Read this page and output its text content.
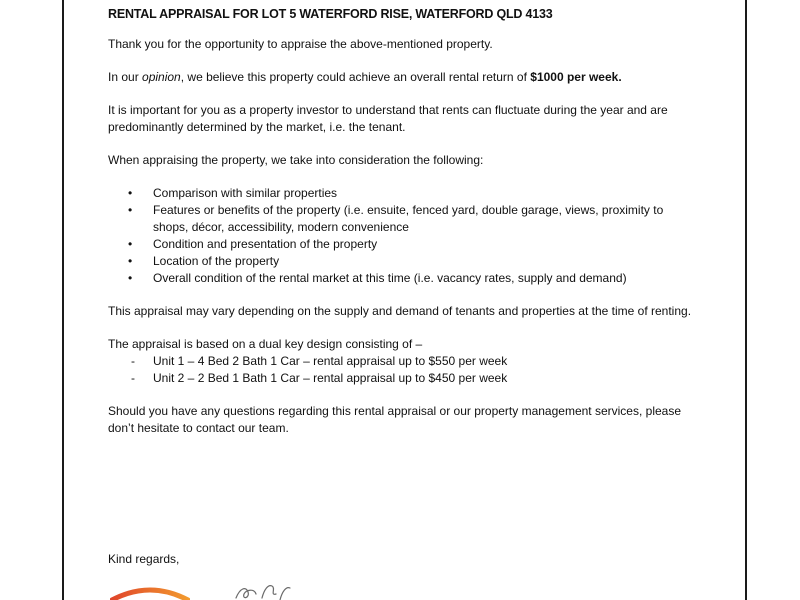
RENTAL APPRAISAL FOR LOT 5 WATERFORD RISE, WATERFORD QLD 4133

Thank you for the opportunity to appraise the above-mentioned property.

In our opinion, we believe this property could achieve an overall rental return of $1000 per week.

It is important for you as a property investor to understand that rents can fluctuate during the year and are predominantly determined by the market, i.e. the tenant.

When appraising the property, we take into consideration the following:

• Comparison with similar properties
• Features or benefits of the property (i.e. ensuite, fenced yard, double garage, views, proximity to shops, décor, accessibility, modern convenience
• Condition and presentation of the property
• Location of the property
• Overall condition of the rental market at this time (i.e. vacancy rates, supply and demand)

This appraisal may vary depending on the supply and demand of tenants and properties at the time of renting.

The appraisal is based on a dual key design consisting of –
- Unit 1 – 4 Bed 2 Bath 1 Car – rental appraisal up to $550 per week
- Unit 2 – 2 Bed 1 Bath 1 Car – rental appraisal up to $450 per week

Should you have any questions regarding this rental appraisal or our property management services, please don’t hesitate to contact our team.

Kind regards,
